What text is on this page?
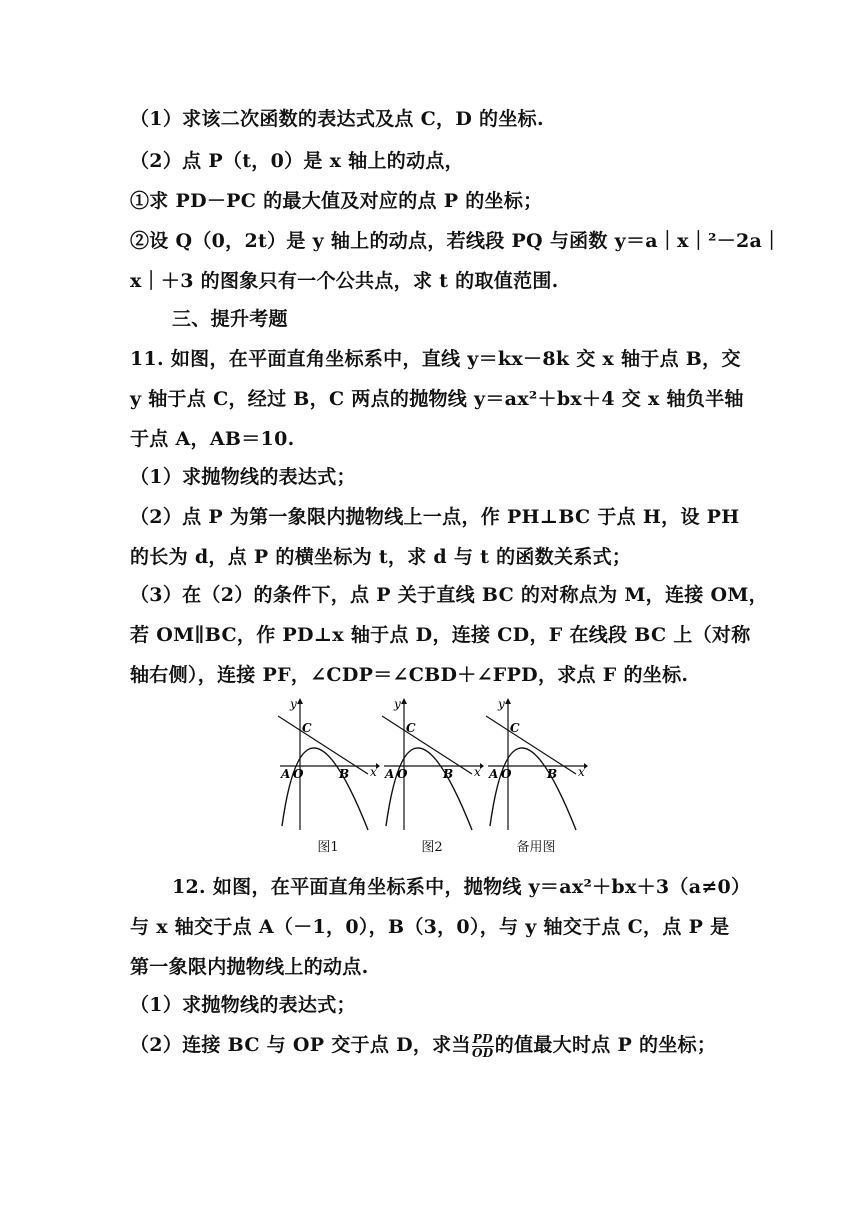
（1）求该二次函数的表达式及点 C，D 的坐标.
（2）点 P（t，0）是 x 轴上的动点，
①求 PD－PC 的最大值及对应的点 P 的坐标；
②设 Q（0，2t）是 y 轴上的动点，若线段 PQ 与函数 y＝a｜x｜²－2a｜
x｜＋3 的图象只有一个公共点，求 t 的取值范围.
三、提升考题
11. 如图，在平面直角坐标系中，直线 y＝kx－8k 交 x 轴于点 B，交
y 轴于点 C，经过 B，C 两点的抛物线 y＝ax²＋bx＋4 交 x 轴负半轴
于点 A，AB＝10.
（1）求抛物线的表达式；
（2）点 P 为第一象限内抛物线上一点，作 PH⊥BC 于点 H，设 PH
的长为 d，点 P 的横坐标为 t，求 d 与 t 的函数关系式；
（3）在（2）的条件下，点 P 关于直线 BC 的对称点为 M，连接 OM，
若 OM∥BC，作 PD⊥x 轴于点 D，连接 CD，F 在线段 BC 上（对称
轴右侧），连接 PF，∠CDP＝∠CBD＋∠FPD，求点 F 的坐标.
y
x
C
A O	B
图1
y
x
C
A O	B
图2
y
x
C
A O	B
备用图
12. 如图，在平面直角坐标系中，抛物线 y＝ax²＋bx＋3（a≠0）
与 x 轴交于点 A（－1，0），B（3，0），与 y 轴交于点 C，点 P 是
第一象限内抛物线上的动点.
（1）求抛物线的表达式；
（2）连接 BC 与 OP 交于点 D，求当 $\frac{PD}{OD}$ 的值最大时点 P 的坐标；
